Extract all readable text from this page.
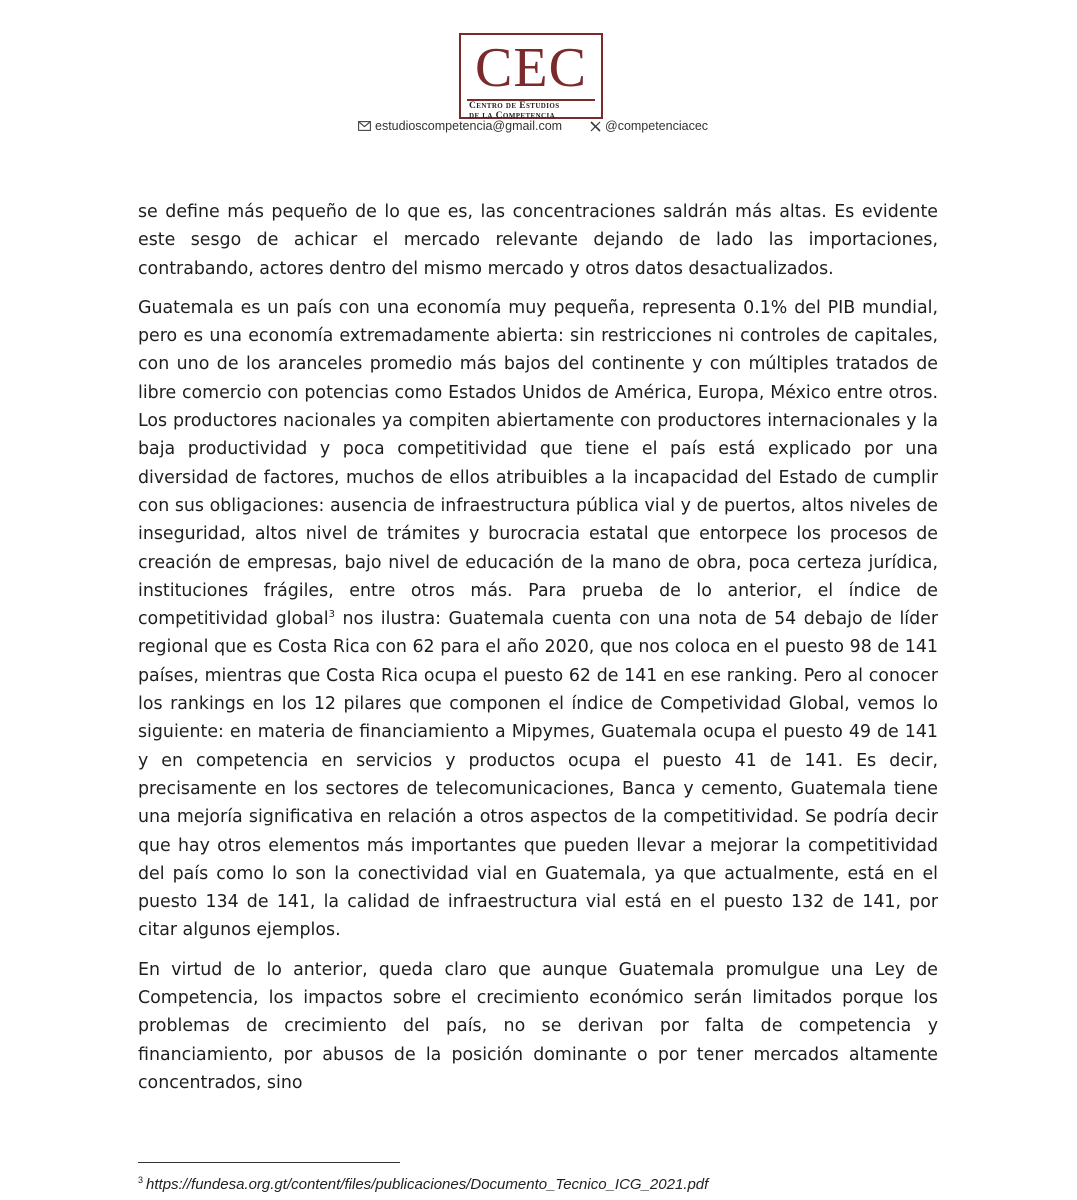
CEC
Centro de Estudios
de la Competencia
estudioscompetencia@gmail.com	@competenciacec

se define más pequeño de lo que es, las concentraciones saldrán más altas. Es evidente este sesgo de achicar el mercado relevante dejando de lado las importaciones, contrabando, actores dentro del mismo mercado y otros datos desactualizados.

Guatemala es un país con una economía muy pequeña, representa 0.1% del PIB mundial, pero es una economía extremadamente abierta: sin restricciones ni controles de capitales, con uno de los aranceles promedio más bajos del continente y con múltiples tratados de libre comercio con potencias como Estados Unidos de América, Europa, México entre otros. Los productores nacionales ya compiten abiertamente con productores internacionales y la baja productividad y poca competitividad que tiene el país está explicado por una diversidad de factores, muchos de ellos atribuibles a la incapacidad del Estado de cumplir con sus obligaciones: ausencia de infraestructura pública vial y de puertos, altos niveles de inseguridad, altos nivel de trámites y burocracia estatal que entorpece los procesos de creación de empresas, bajo nivel de educación de la mano de obra, poca certeza jurídica, instituciones frágiles, entre otros más. Para prueba de lo anterior, el índice de competitividad global$^3$ nos ilustra: Guatemala cuenta con una nota de 54 debajo de líder regional que es Costa Rica con 62 para el año 2020, que nos coloca en el puesto 98 de 141 países, mientras que Costa Rica ocupa el puesto 62 de 141 en ese ranking. Pero al conocer los rankings en los 12 pilares que componen el índice de Competividad Global, vemos lo siguiente: en materia de financiamiento a Mipymes, Guatemala ocupa el puesto 49 de 141 y en competencia en servicios y productos ocupa el puesto 41 de 141. Es decir, precisamente en los sectores de telecomunicaciones, Banca y cemento, Guatemala tiene una mejoría significativa en relación a otros aspectos de la competitividad. Se podría decir que hay otros elementos más importantes que pueden llevar a mejorar la competitividad del país como lo son la conectividad vial en Guatemala, ya que actualmente, está en el puesto 134 de 141, la calidad de infraestructura vial está en el puesto 132 de 141, por citar algunos ejemplos.

En virtud de lo anterior, queda claro que aunque Guatemala promulgue una Ley de Competencia, los impactos sobre el crecimiento económico serán limitados porque los problemas de crecimiento del país, no se derivan por falta de competencia y financiamiento, por abusos de la posición dominante o por tener mercados altamente concentrados, sino

$^3$ https://fundesa.org.gt/content/files/publicaciones/Documento_Tecnico_ICG_2021.pdf
